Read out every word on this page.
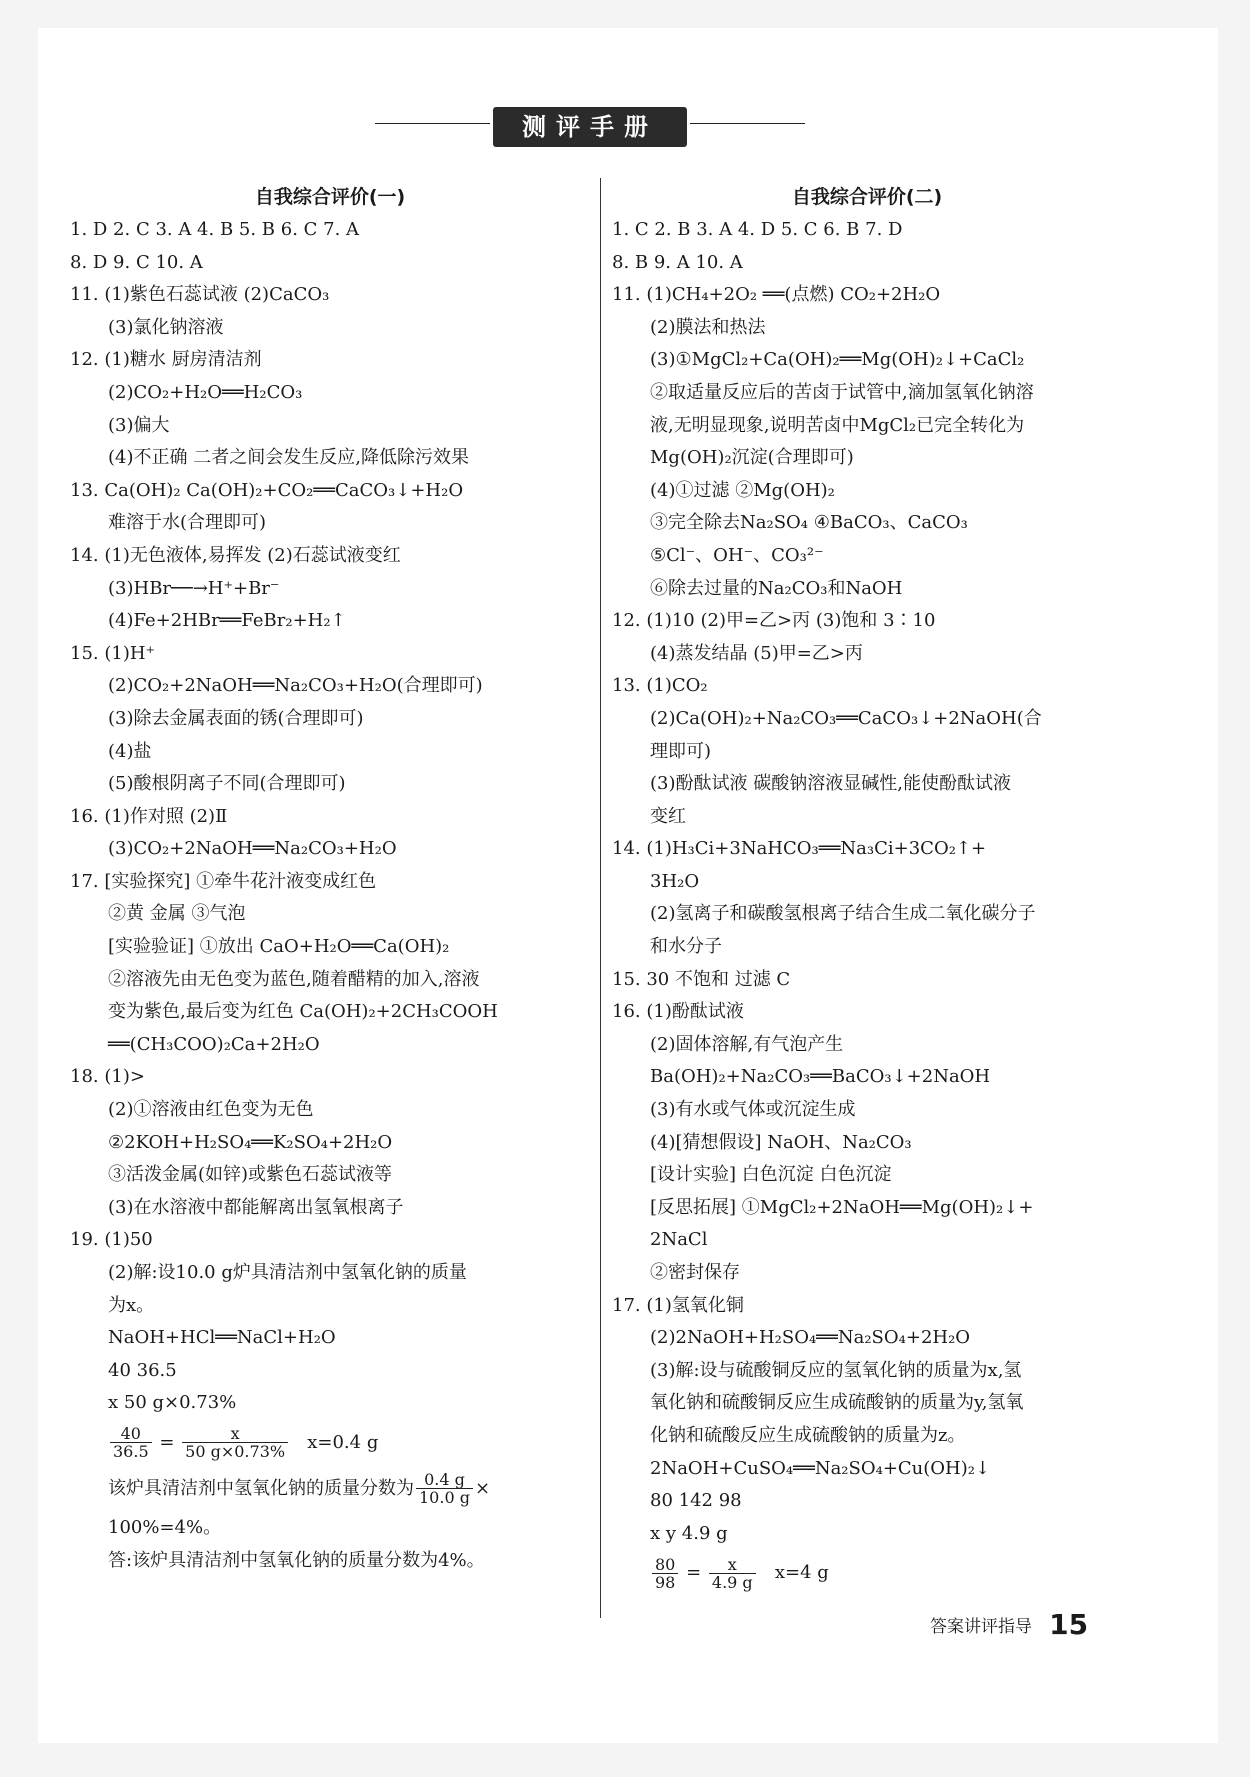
测评手册
自我综合评价(一)
1. D 2. C 3. A 4. B 5. B 6. C 7. A
8. D 9. C 10. A
11. (1)紫色石蕊试液 (2)CaCO₃
(3)氯化钠溶液
12. (1)糖水 厨房清洁剂
(2)CO₂+H₂O══H₂CO₃
(3)偏大
(4)不正确 二者之间会发生反应,降低除污效果
13. Ca(OH)₂ Ca(OH)₂+CO₂══CaCO₃↓+H₂O
难溶于水(合理即可)
14. (1)无色液体,易挥发 (2)石蕊试液变红
(3)HBr──→H⁺+Br⁻
(4)Fe+2HBr══FeBr₂+H₂↑
15. (1)H⁺
(2)CO₂+2NaOH══Na₂CO₃+H₂O(合理即可)
(3)除去金属表面的锈(合理即可)
(4)盐
(5)酸根阴离子不同(合理即可)
16. (1)作对照 (2)Ⅱ
(3)CO₂+2NaOH══Na₂CO₃+H₂O
17. [实验探究] ①牵牛花汁液变成红色
②黄 金属 ③气泡
[实验验证] ①放出 CaO+H₂O══Ca(OH)₂
②溶液先由无色变为蓝色,随着醋精的加入,溶液
变为紫色,最后变为红色 Ca(OH)₂+2CH₃COOH
══(CH₃COO)₂Ca+2H₂O
18. (1)>
(2)①溶液由红色变为无色
②2KOH+H₂SO₄══K₂SO₄+2H₂O
③活泼金属(如锌)或紫色石蕊试液等
(3)在水溶液中都能解离出氢氧根离子
19. (1)50
(2)解:设10.0 g炉具清洁剂中氢氧化钠的质量
为x。
NaOH+HCl══NaCl+H₂O
40 36.5
x 50 g×0.73%
$\frac{40}{36.5} = \frac{x}{50 g\times 0.73\%} x=0.4$ g
该炉具清洁剂中氢氧化钠的质量分数为 $\frac{0.4 g}{10.0 g}$ ×
100%=4%。
答:该炉具清洁剂中氢氧化钠的质量分数为4%。
自我综合评价(二)
1. C 2. B 3. A 4. D 5. C 6. B 7. D
8. B 9. A 10. A
11. (1)CH₄+2O₂ ══(点燃) CO₂+2H₂O
(2)膜法和热法
(3)①MgCl₂+Ca(OH)₂══Mg(OH)₂↓+CaCl₂
②取适量反应后的苦卤于试管中,滴加氢氧化钠溶
液,无明显现象,说明苦卤中MgCl₂已完全转化为
Mg(OH)₂沉淀(合理即可)
(4)①过滤 ②Mg(OH)₂
③完全除去Na₂SO₄ ④BaCO₃、CaCO₃
⑤Cl⁻、OH⁻、CO₃²⁻
⑥除去过量的Na₂CO₃和NaOH
12. (1)10 (2)甲=乙>丙 (3)饱和 3∶10
(4)蒸发结晶 (5)甲=乙>丙
13. (1)CO₂
(2)Ca(OH)₂+Na₂CO₃══CaCO₃↓+2NaOH(合
理即可)
(3)酚酞试液 碳酸钠溶液显碱性,能使酚酞试液
变红
14. (1)H₃Ci+3NaHCO₃══Na₃Ci+3CO₂↑+
3H₂O
(2)氢离子和碳酸氢根离子结合生成二氧化碳分子
和水分子
15. 30 不饱和 过滤 C
16. (1)酚酞试液
(2)固体溶解,有气泡产生
Ba(OH)₂+Na₂CO₃══BaCO₃↓+2NaOH
(3)有水或气体或沉淀生成
(4)[猜想假设] NaOH、Na₂CO₃
[设计实验] 白色沉淀 白色沉淀
[反思拓展] ①MgCl₂+2NaOH══Mg(OH)₂↓+
2NaCl
②密封保存
17. (1)氢氧化铜
(2)2NaOH+H₂SO₄══Na₂SO₄+2H₂O
(3)解:设与硫酸铜反应的氢氧化钠的质量为x,氢
氧化钠和硫酸铜反应生成硫酸钠的质量为y,氢氧
化钠和硫酸反应生成硫酸钠的质量为z。
2NaOH+CuSO₄══Na₂SO₄+Cu(OH)₂↓
80 142 98
x y 4.9 g
$\frac{80}{98} = \frac{x}{4.9 g} x=4$ g
答案讲评指导 15
